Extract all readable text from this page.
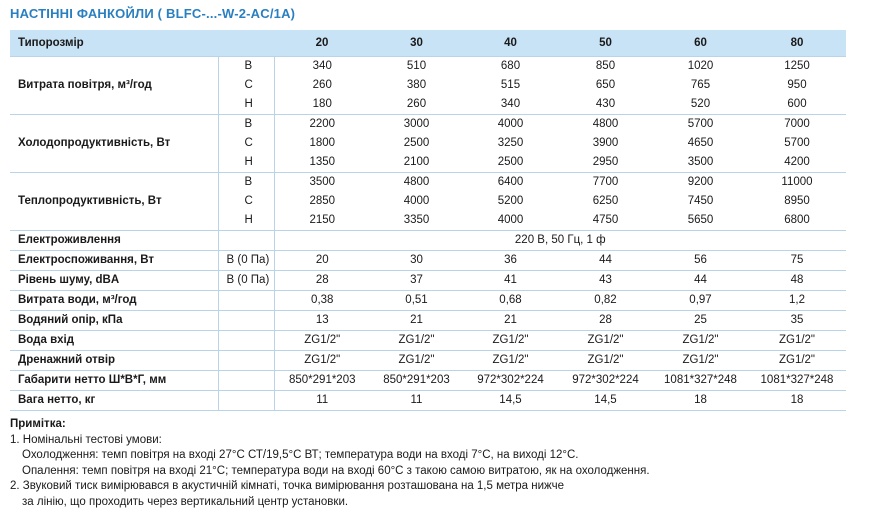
НАСТІННІ ФАНКОЙЛИ ( BLFC-...-W-2-AC/1A)
Типорозмір		20	30	40	50	60	80
Витрата повітря, м³/год	В	340	510	680	850	1020	1250
	С	260	380	515	650	765	950
	Н	180	260	340	430	520	600
Холодопродуктивність, Вт	В	2200	3000	4000	4800	5700	7000
	С	1800	2500	3250	3900	4650	5700
	Н	1350	2100	2500	2950	3500	4200
Теплопродуктивність, Вт	В	3500	4800	6400	7700	9200	11000
	С	2850	4000	5200	6250	7450	8950
	Н	2150	3350	4000	4750	5650	6800
Електроживлення		220 В, 50 Гц, 1 ф					
Електроспоживання, Вт	В (0 Па)	20	30	36	44	56	75
Рівень шуму, dBA	В (0 Па)	28	37	41	43	44	48
Витрата води, м³/год		0,38	0,51	0,68	0,82	0,97	1,2
Водяний опір, кПа		13	21	21	28	25	35
Вода вхід		ZG1/2"	ZG1/2"	ZG1/2"	ZG1/2"	ZG1/2"	ZG1/2"
Дренажний отвір		ZG1/2"	ZG1/2"	ZG1/2"	ZG1/2"	ZG1/2"	ZG1/2"
Габарити нетто Ш*В*Г, мм		850*291*203	850*291*203	972*302*224	972*302*224	1081*327*248	1081*327*248
Вага нетто, кг		11	11	14,5	14,5	18	18
Примітка:
1. Номінальні тестові умови:
Охолодження: темп повітря на вході 27°С СТ/19,5°С ВТ; температура води на вході 7°С, на виході 12°С.
Опалення: темп повітря на вході 21°С; температура води на вході 60°С з такою самою витратою, як на охолодження.
2. Звуковий тиск вимірювався в акустичній кімнаті, точка вимірювання розташована на 1,5 метра нижче
за лінію, що проходить через вертикальний центр установки.
